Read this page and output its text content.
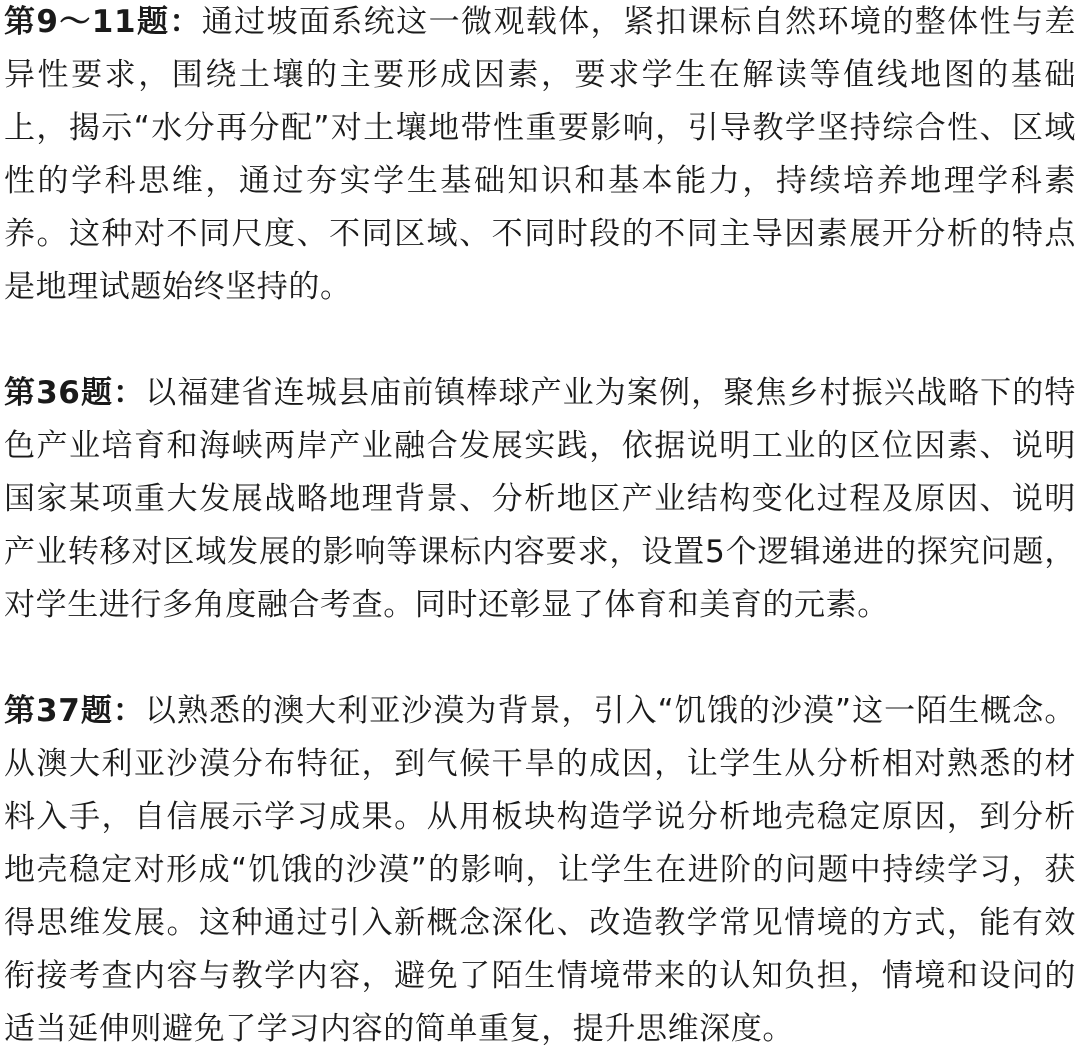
第9～11题：通过坡面系统这一微观载体，紧扣课标自然环境的整体性与差异性要求，围绕土壤的主要形成因素，要求学生在解读等值线地图的基础上，揭示“水分再分配”对土壤地带性重要影响，引导教学坚持综合性、区域性的学科思维，通过夯实学生基础知识和基本能力，持续培养地理学科素养。这种对不同尺度、不同区域、不同时段的不同主导因素展开分析的特点是地理试题始终坚持的。

第36题：以福建省连城县庙前镇棒球产业为案例，聚焦乡村振兴战略下的特色产业培育和海峡两岸产业融合发展实践，依据说明工业的区位因素、说明国家某项重大发展战略地理背景、分析地区产业结构变化过程及原因、说明产业转移对区域发展的影响等课标内容要求，设置5个逻辑递进的探究问题，对学生进行多角度融合考查。同时还彰显了体育和美育的元素。

第37题：以熟悉的澳大利亚沙漠为背景，引入“饥饿的沙漠”这一陌生概念。从澳大利亚沙漠分布特征，到气候干旱的成因，让学生从分析相对熟悉的材料入手，自信展示学习成果。从用板块构造学说分析地壳稳定原因，到分析地壳稳定对形成“饥饿的沙漠”的影响，让学生在进阶的问题中持续学习，获得思维发展。这种通过引入新概念深化、改造教学常见情境的方式，能有效衔接考查内容与教学内容，避免了陌生情境带来的认知负担，情境和设问的适当延伸则避免了学习内容的简单重复，提升思维深度。
